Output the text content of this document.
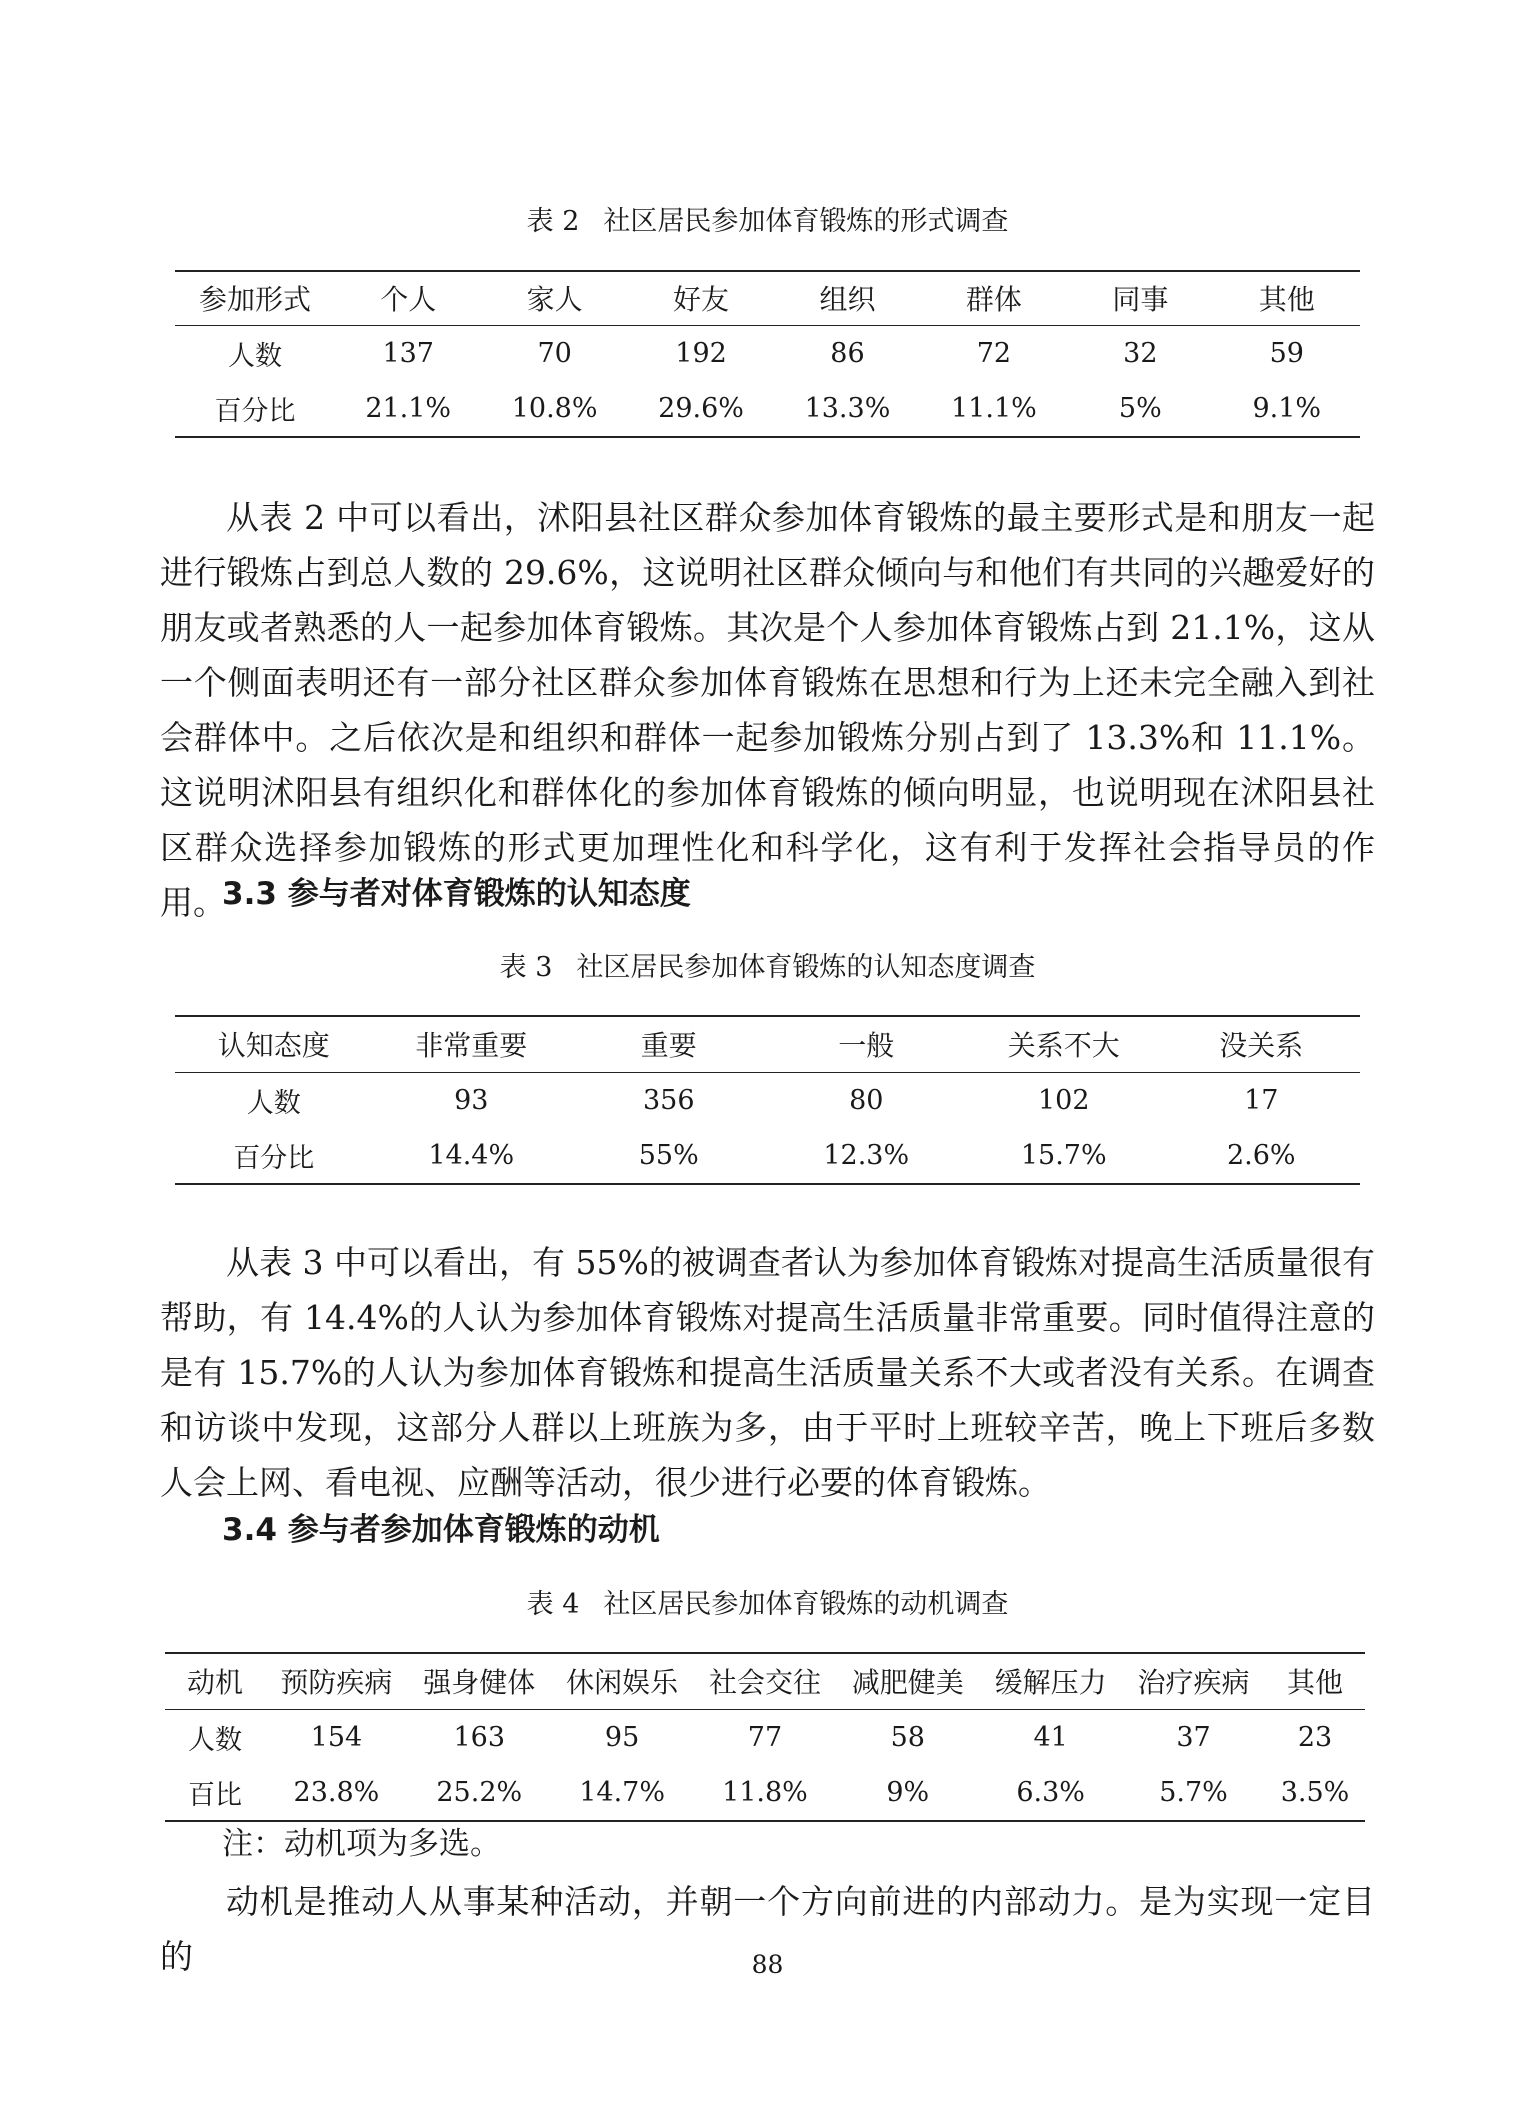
表 2 社区居民参加体育锻炼的形式调查
参加形式	个人	家人	好友	组织	群体	同事	其他
人数	137	70	192	86	72	32	59
百分比	21.1%	10.8%	29.6%	13.3%	11.1%	5%	9.1%

从表 2 中可以看出，沭阳县社区群众参加体育锻炼的最主要形式是和朋友一起进行锻炼占到总人数的 29.6%，这说明社区群众倾向与和他们有共同的兴趣爱好的朋友或者熟悉的人一起参加体育锻炼。其次是个人参加体育锻炼占到 21.1%，这从一个侧面表明还有一部分社区群众参加体育锻炼在思想和行为上还未完全融入到社会群体中。之后依次是和组织和群体一起参加锻炼分别占到了 13.3%和 11.1%。这说明沭阳县有组织化和群体化的参加体育锻炼的倾向明显，也说明现在沭阳县社区群众选择参加锻炼的形式更加理性化和科学化，这有利于发挥社会指导员的作用。

3.3 参与者对体育锻炼的认知态度
表 3 社区居民参加体育锻炼的认知态度调查
认知态度	非常重要	重要	一般	关系不大	没关系
人数	93	356	80	102	17
百分比	14.4%	55%	12.3%	15.7%	2.6%

从表 3 中可以看出，有 55%的被调查者认为参加体育锻炼对提高生活质量很有帮助，有 14.4%的人认为参加体育锻炼对提高生活质量非常重要。同时值得注意的是有 15.7%的人认为参加体育锻炼和提高生活质量关系不大或者没有关系。在调查和访谈中发现，这部分人群以上班族为多，由于平时上班较辛苦，晚上下班后多数人会上网、看电视、应酬等活动，很少进行必要的体育锻炼。

3.4 参与者参加体育锻炼的动机
表 4 社区居民参加体育锻炼的动机调查
动机	预防疾病	强身健体	休闲娱乐	社会交往	减肥健美	缓解压力	治疗疾病	其他
人数	154	163	95	77	58	41	37	23
百比	23.8%	25.2%	14.7%	11.8%	9%	6.3%	5.7%	3.5%

注：动机项为多选。

动机是推动人从事某种活动，并朝一个方向前进的内部动力。是为实现一定目的	88
